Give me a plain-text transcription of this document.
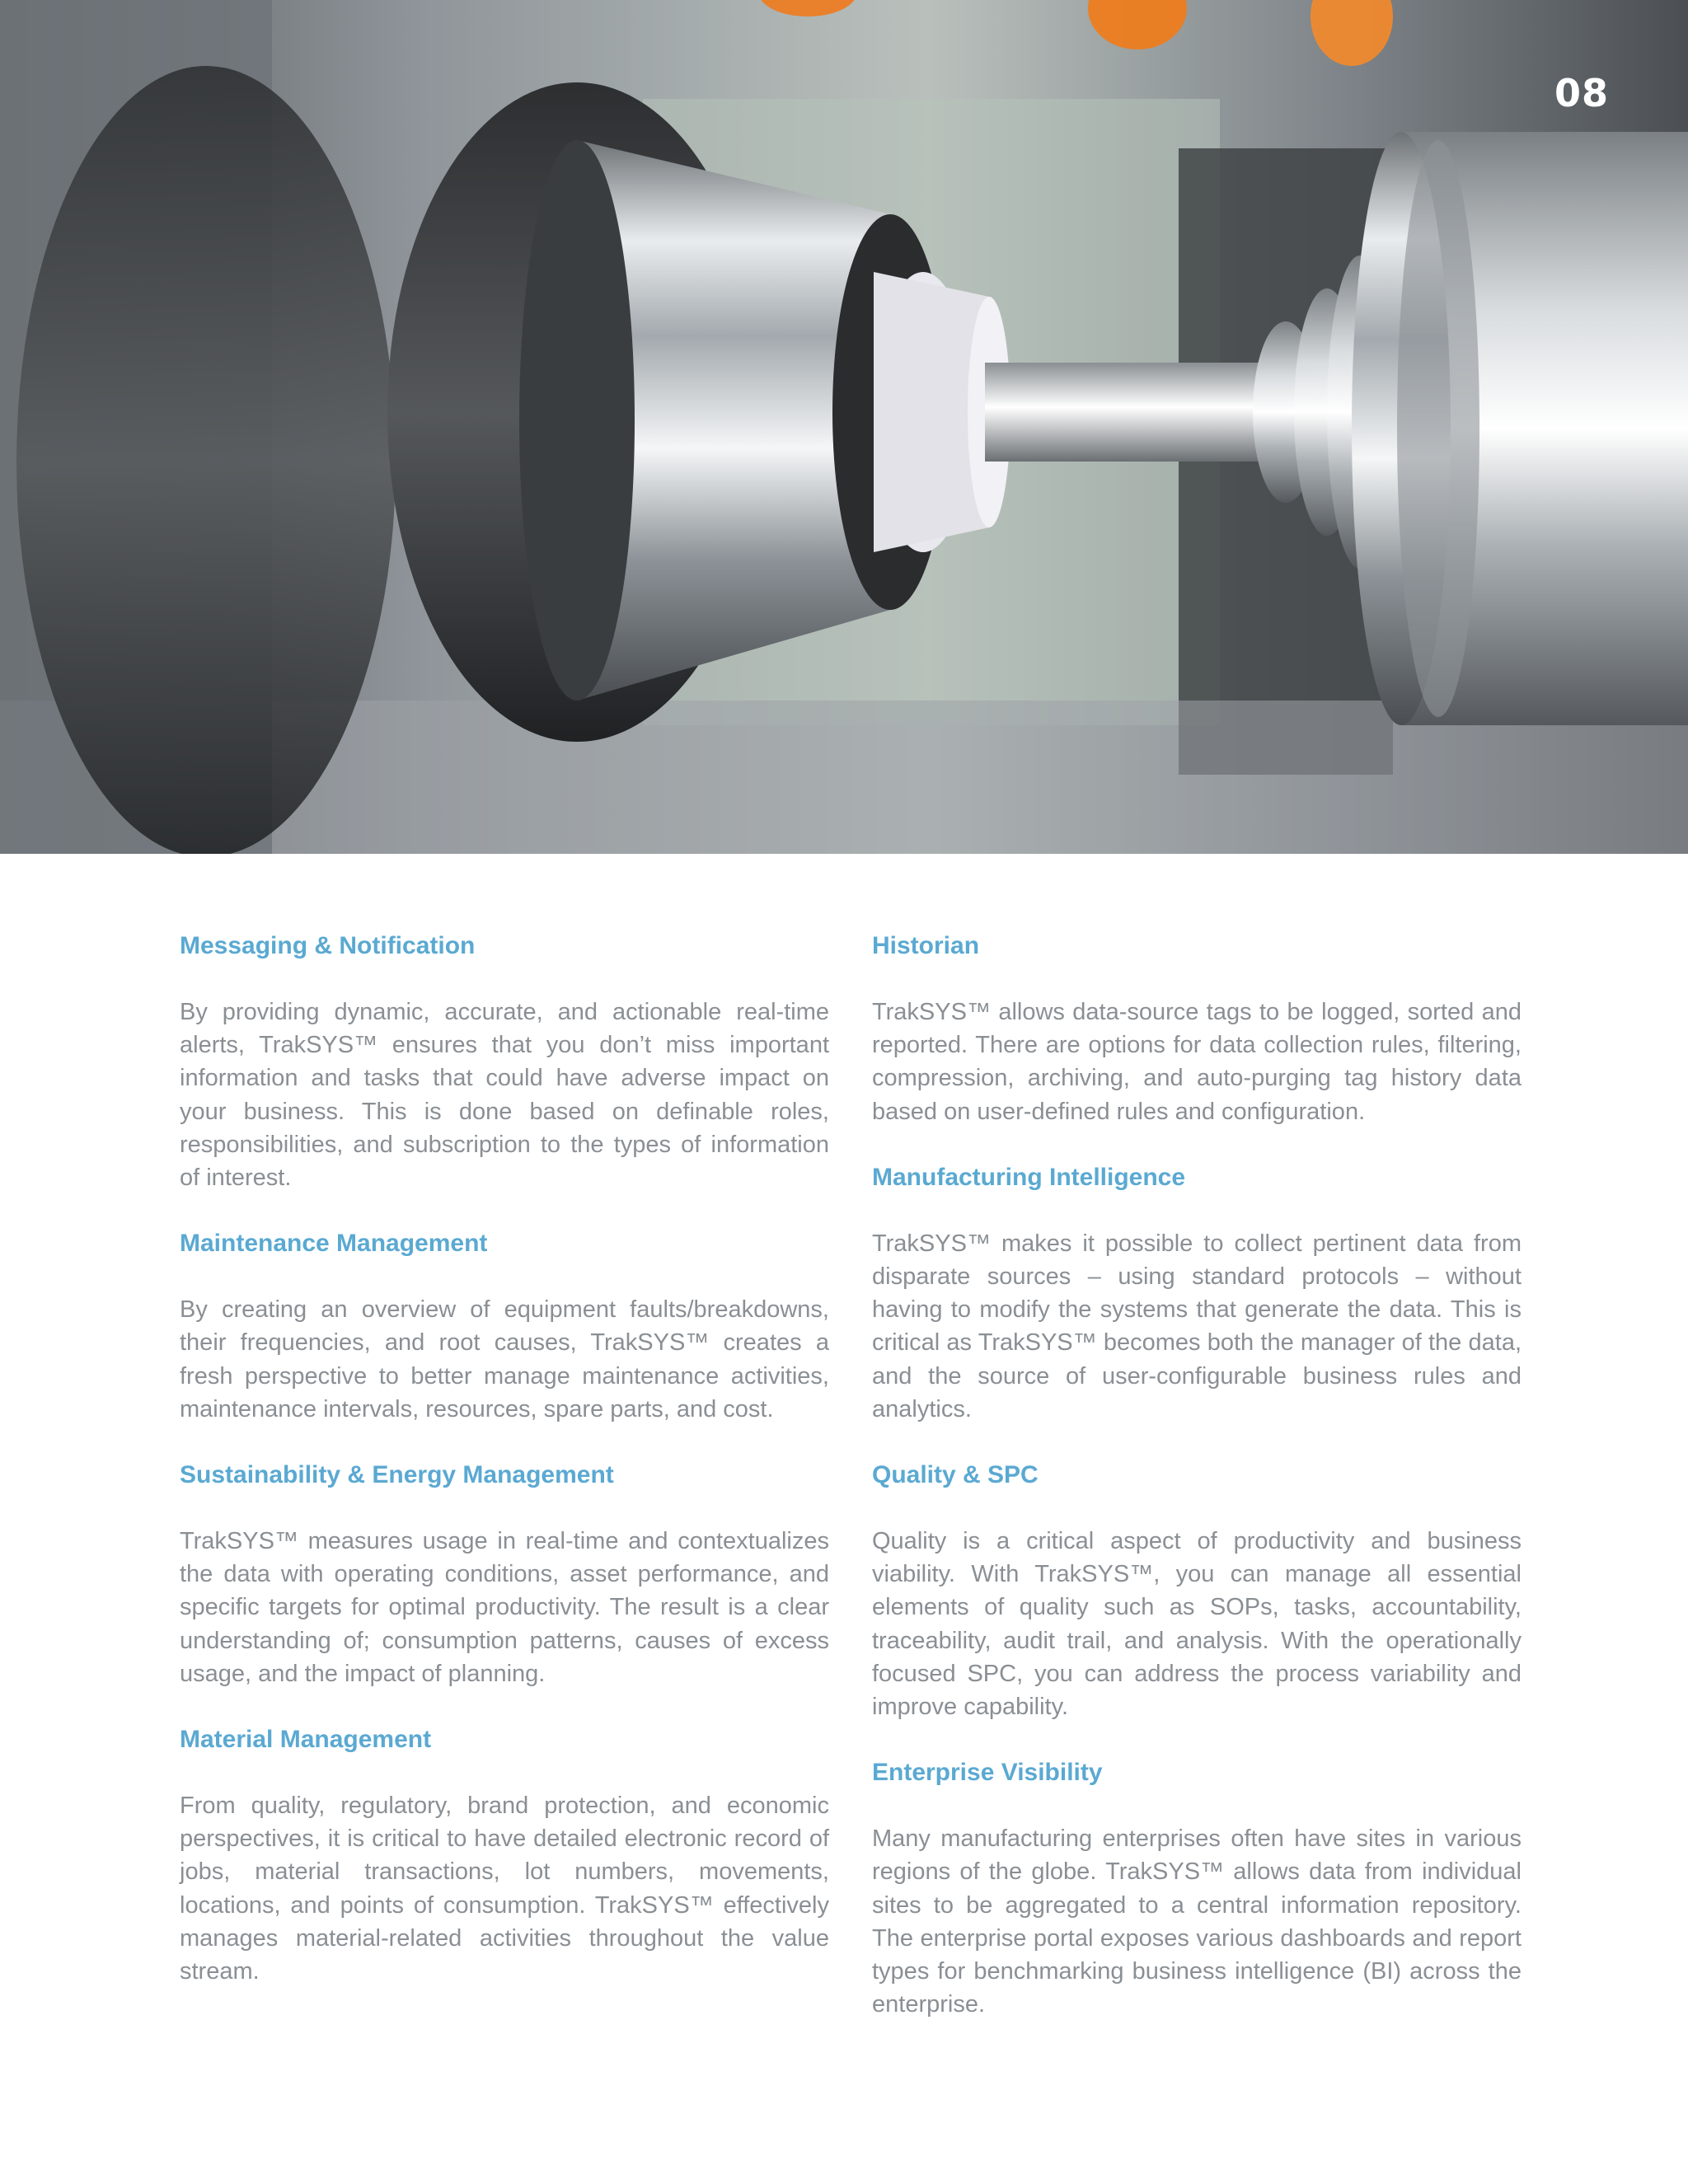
08
Messaging & Notification

By providing dynamic, accurate, and actionable real-time alerts, TrakSYS™ ensures that you don’t miss important information and tasks that could have adverse impact on your business. This is done based on definable roles, responsibilities, and subscription to the types of information of interest.

Maintenance Management

By creating an overview of equipment faults/breakdowns, their frequencies, and root causes, TrakSYS™ creates a fresh perspective to better manage maintenance activities, maintenance intervals, resources, spare parts, and cost.

Sustainability & Energy Management

TrakSYS™ measures usage in real-time and contextualizes the data with operating conditions, asset performance, and specific targets for optimal productivity. The result is a clear understanding of; consumption patterns, causes of excess usage, and the impact of planning.

Material Management

From quality, regulatory, brand protection, and economic perspectives, it is critical to have detailed electronic record of jobs, material transactions, lot numbers, movements, locations, and points of consumption. TrakSYS™ effectively manages material-related activities throughout the value stream.

Historian

TrakSYS™ allows data-source tags to be logged, sorted and reported. There are options for data collection rules, filtering, compression, archiving, and auto-purging tag history data based on user-defined rules and configuration.

Manufacturing Intelligence

TrakSYS™ makes it possible to collect pertinent data from disparate sources – using standard protocols – without having to modify the systems that generate the data. This is critical as TrakSYS™ becomes both the manager of the data, and the source of user-configurable business rules and analytics.

Quality & SPC

Quality is a critical aspect of productivity and business viability. With TrakSYS™, you can manage all essential elements of quality such as SOPs, tasks, accountability, traceability, audit trail, and analysis. With the operationally focused SPC, you can address the process variability and improve capability.

Enterprise Visibility

Many manufacturing enterprises often have sites in various regions of the globe. TrakSYS™ allows data from individual sites to be aggregated to a central information repository. The enterprise portal exposes various dashboards and report types for benchmarking business intelligence (BI) across the enterprise.
